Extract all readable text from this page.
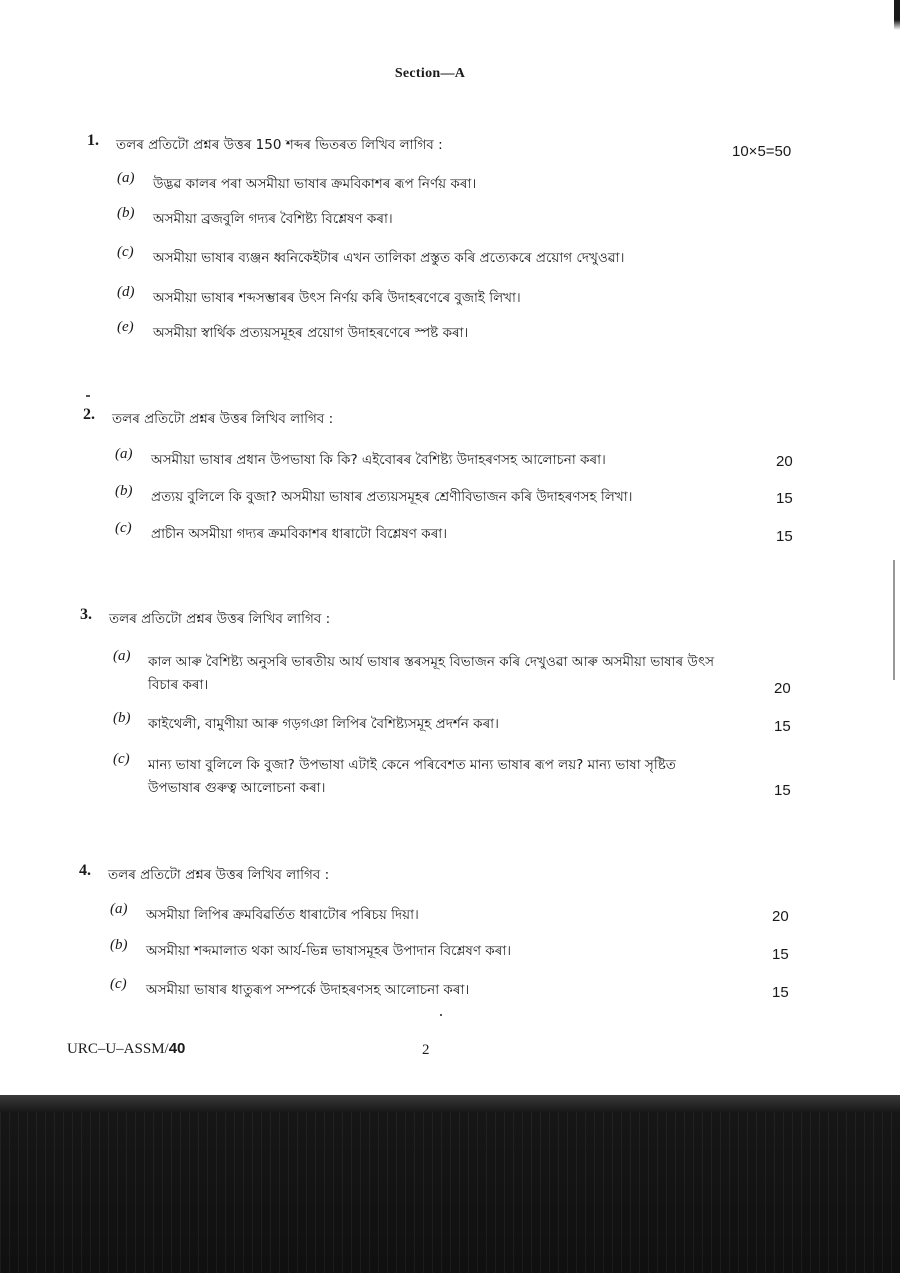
Section—A
1. তলৰ প্ৰতিটো প্ৰশ্নৰ উত্তৰ 150 শব্দৰ ভিতৰত লিখিব লাগিব :	10×5=50
(a) উদ্ভৱ কালৰ পৰা অসমীয়া ভাষাৰ ক্ৰমবিকাশৰ ৰূপ নিৰ্ণয় কৰা।
(b) অসমীয়া ব্ৰজবুলি গদ্যৰ বৈশিষ্ট্য বিশ্লেষণ কৰা।
(c) অসমীয়া ভাষাৰ ব্যঞ্জন ধ্বনিকেইটাৰ এখন তালিকা প্ৰস্তুত কৰি প্ৰত্যেকৰে প্ৰয়োগ দেখুওৱা।
(d) অসমীয়া ভাষাৰ শব্দসম্ভাৰৰ উৎস নিৰ্ণয় কৰি উদাহৰণেৰে বুজাই লিখা।
(e) অসমীয়া স্বাৰ্থিক প্ৰত্যয়সমূহৰ প্ৰয়োগ উদাহৰণেৰে স্পষ্ট কৰা।
2. তলৰ প্ৰতিটো প্ৰশ্নৰ উত্তৰ লিখিব লাগিব :
(a) অসমীয়া ভাষাৰ প্ৰধান উপভাষা কি কি? এইবোৰৰ বৈশিষ্ট্য উদাহৰণসহ আলোচনা কৰা।	20
(b) প্ৰত্যয় বুলিলে কি বুজা? অসমীয়া ভাষাৰ প্ৰত্যয়সমূহৰ শ্ৰেণীবিভাজন কৰি উদাহৰণসহ লিখা।	15
(c) প্ৰাচীন অসমীয়া গদ্যৰ ক্ৰমবিকাশৰ ধাৰাটো বিশ্লেষণ কৰা।	15
3. তলৰ প্ৰতিটো প্ৰশ্নৰ উত্তৰ লিখিব লাগিব :
(a) কাল আৰু বৈশিষ্ট্য অনুসৰি ভাৰতীয় আৰ্য ভাষাৰ স্তৰসমূহ বিভাজন কৰি দেখুওৱা আৰু অসমীয়া ভাষাৰ উৎস
বিচাৰ কৰা।	20
(b) কাইথেলী, বামুণীয়া আৰু গড়গঞা লিপিৰ বৈশিষ্ট্যসমূহ প্ৰদৰ্শন কৰা।	15
(c) মান্য ভাষা বুলিলে কি বুজা? উপভাষা এটাই কেনে পৰিবেশত মান্য ভাষাৰ ৰূপ লয়? মান্য ভাষা সৃষ্টিত
উপভাষাৰ গুৰুত্ব আলোচনা কৰা।	15
4. তলৰ প্ৰতিটো প্ৰশ্নৰ উত্তৰ লিখিব লাগিব :
(a) অসমীয়া লিপিৰ ক্ৰমবিৱৰ্তিত ধাৰাটোৰ পৰিচয় দিয়া।	20
(b) অসমীয়া শব্দমালাত থকা আৰ্য-ভিন্ন ভাষাসমূহৰ উপাদান বিশ্লেষণ কৰা।	15
(c) অসমীয়া ভাষাৰ ধাতুৰূপ সম্পৰ্কে উদাহৰণসহ আলোচনা কৰা।	15
URC–U–ASSM/40	2
